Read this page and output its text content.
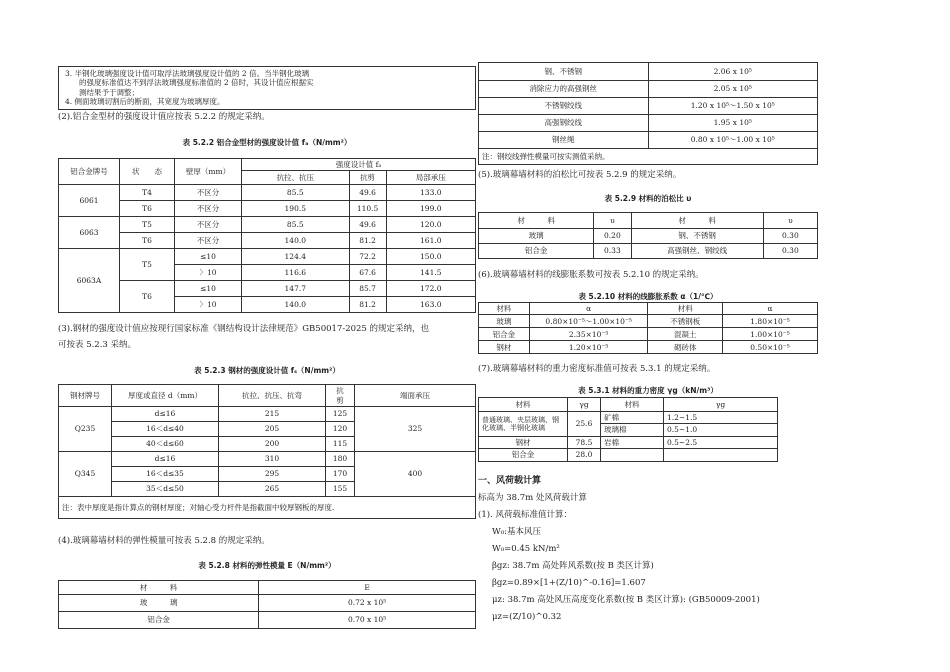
3. 半钢化玻璃强度设计值可取浮法玻璃强度设计值的 2 倍。当半钢化玻璃
的强度标准值达不到浮法玻璃强度标准值的 2 倍时，其设计值应根据实
测结果予于调整；
4. 侧面玻璃切割后的断面，其宽度为玻璃厚度。

(2).铝合金型材的强度设计值应按表 5.2.2 的规定采纳。

表 5.2.2 铝合金型材的强度设计值 fₐ（N/mm²）

铝合金牌号	状　　态	壁厚（mm）	强度设计值 fₐ		
			抗拉、抗压	抗剪	局部承压
6061	T4	不区分	85.5	49.6	133.0
	T6	不区分	190.5	110.5	199.0
6063	T5	不区分	85.5	49.6	120.0
	T6	不区分	140.0	81.2	161.0
6063A	T5	≤10	124.4	72.2	150.0
		〉10	116.6	67.6	141.5
	T6	≤10	147.7	85.7	172.0
		〉10	140.0	81.2	163.0

(3).钢材的强度设计值应按现行国家标准《钢结构设计法律规范》GB50017-2025 的规定采纳，也

可按表 5.2.3 采纳。

表 5.2.3 钢材的强度设计值 fₛ（N/mm²）

钢材牌号	厚度或直径 d（mm）	抗拉、抗压、抗弯	抗
剪	端面承压
Q235	d≤16	215	125	325
	16＜d≤40	205	120	
	40＜d≤60	200	115	
Q345	d≤16	310	180	400
	16＜d≤35	295	170	
	35＜d≤50	265	155	
注：表中厚度是指计算点的钢材厚度；对轴心受力杆件是指截面中较厚钢板的厚度.				

(4).玻璃幕墙材料的弹性模量可按表 5.2.8 的规定采纳。

表 5.2.8 材料的弹性模量 E（N/mm²）

材　　　料	E
玻　　　璃	0.72 x 10⁵
铝合金	0.70 x 10⁵
钢、不锈钢	2.06 x 10⁵
消除应力的高强钢丝	2.05 x 10⁵
不锈钢绞线	1.20 x 10⁵～1.50 x 10⁵
高强钢绞线	1.95 x 10⁵
钢丝绳	0.80 x 10⁵～1.00 x 10⁵
注：钢绞线弹性模量可按实测值采纳。	

(5).玻璃幕墙材料的泊松比可按表 5.2.9 的规定采纳。

表 5.2.9 材料的泊松比 υ

材　　　料	υ	材　　　料	υ
玻璃	0.20	钢、不锈钢	0.30
铝合金	0.33	高强钢丝、钢绞线	0.30

(6).玻璃幕墙材料的线膨胀系数可按表 5.2.10 的规定采纳。

表 5.2.10 材料的线膨胀系数 α（1/℃）

材料	α	材料	α
玻璃	0.80×10⁻⁵～1.00×10⁻⁵	不锈钢板	1.80×10⁻⁵
铝合金	2.35×10⁻⁵	混凝土	1.00×10⁻⁵
钢材	1.20×10⁻⁵	砌砖体	0.50×10⁻⁵

(7).玻璃幕墙材料的重力密度标准值可按表 5.3.1 的规定采纳。

表 5.3.1 材料的重力密度 γg（kN/m³）

材料	γg	材料	γg
普通玻璃、夹层玻璃、钢化玻璃、半钢化玻璃	25.6	矿棉	1.2~1.5
		玻璃棉	0.5~1.0
钢材	78.5	岩棉	0.5~2.5
铝合金	28.0		

一、风荷载计算

标高为 38.7m 处风荷载计算

(1). 风荷载标准值计算：

W₀:基本风压

W₀=0.45 kN/m²

βgz: 38.7m 高处阵风系数(按 B 类区计算)

βgz=0.89×[1+(Z/10)^-0.16]=1.607

μz: 38.7m 高处风压高度变化系数(按 B 类区计算): (GB50009-2001)

μz=(Z/10)^0.32
